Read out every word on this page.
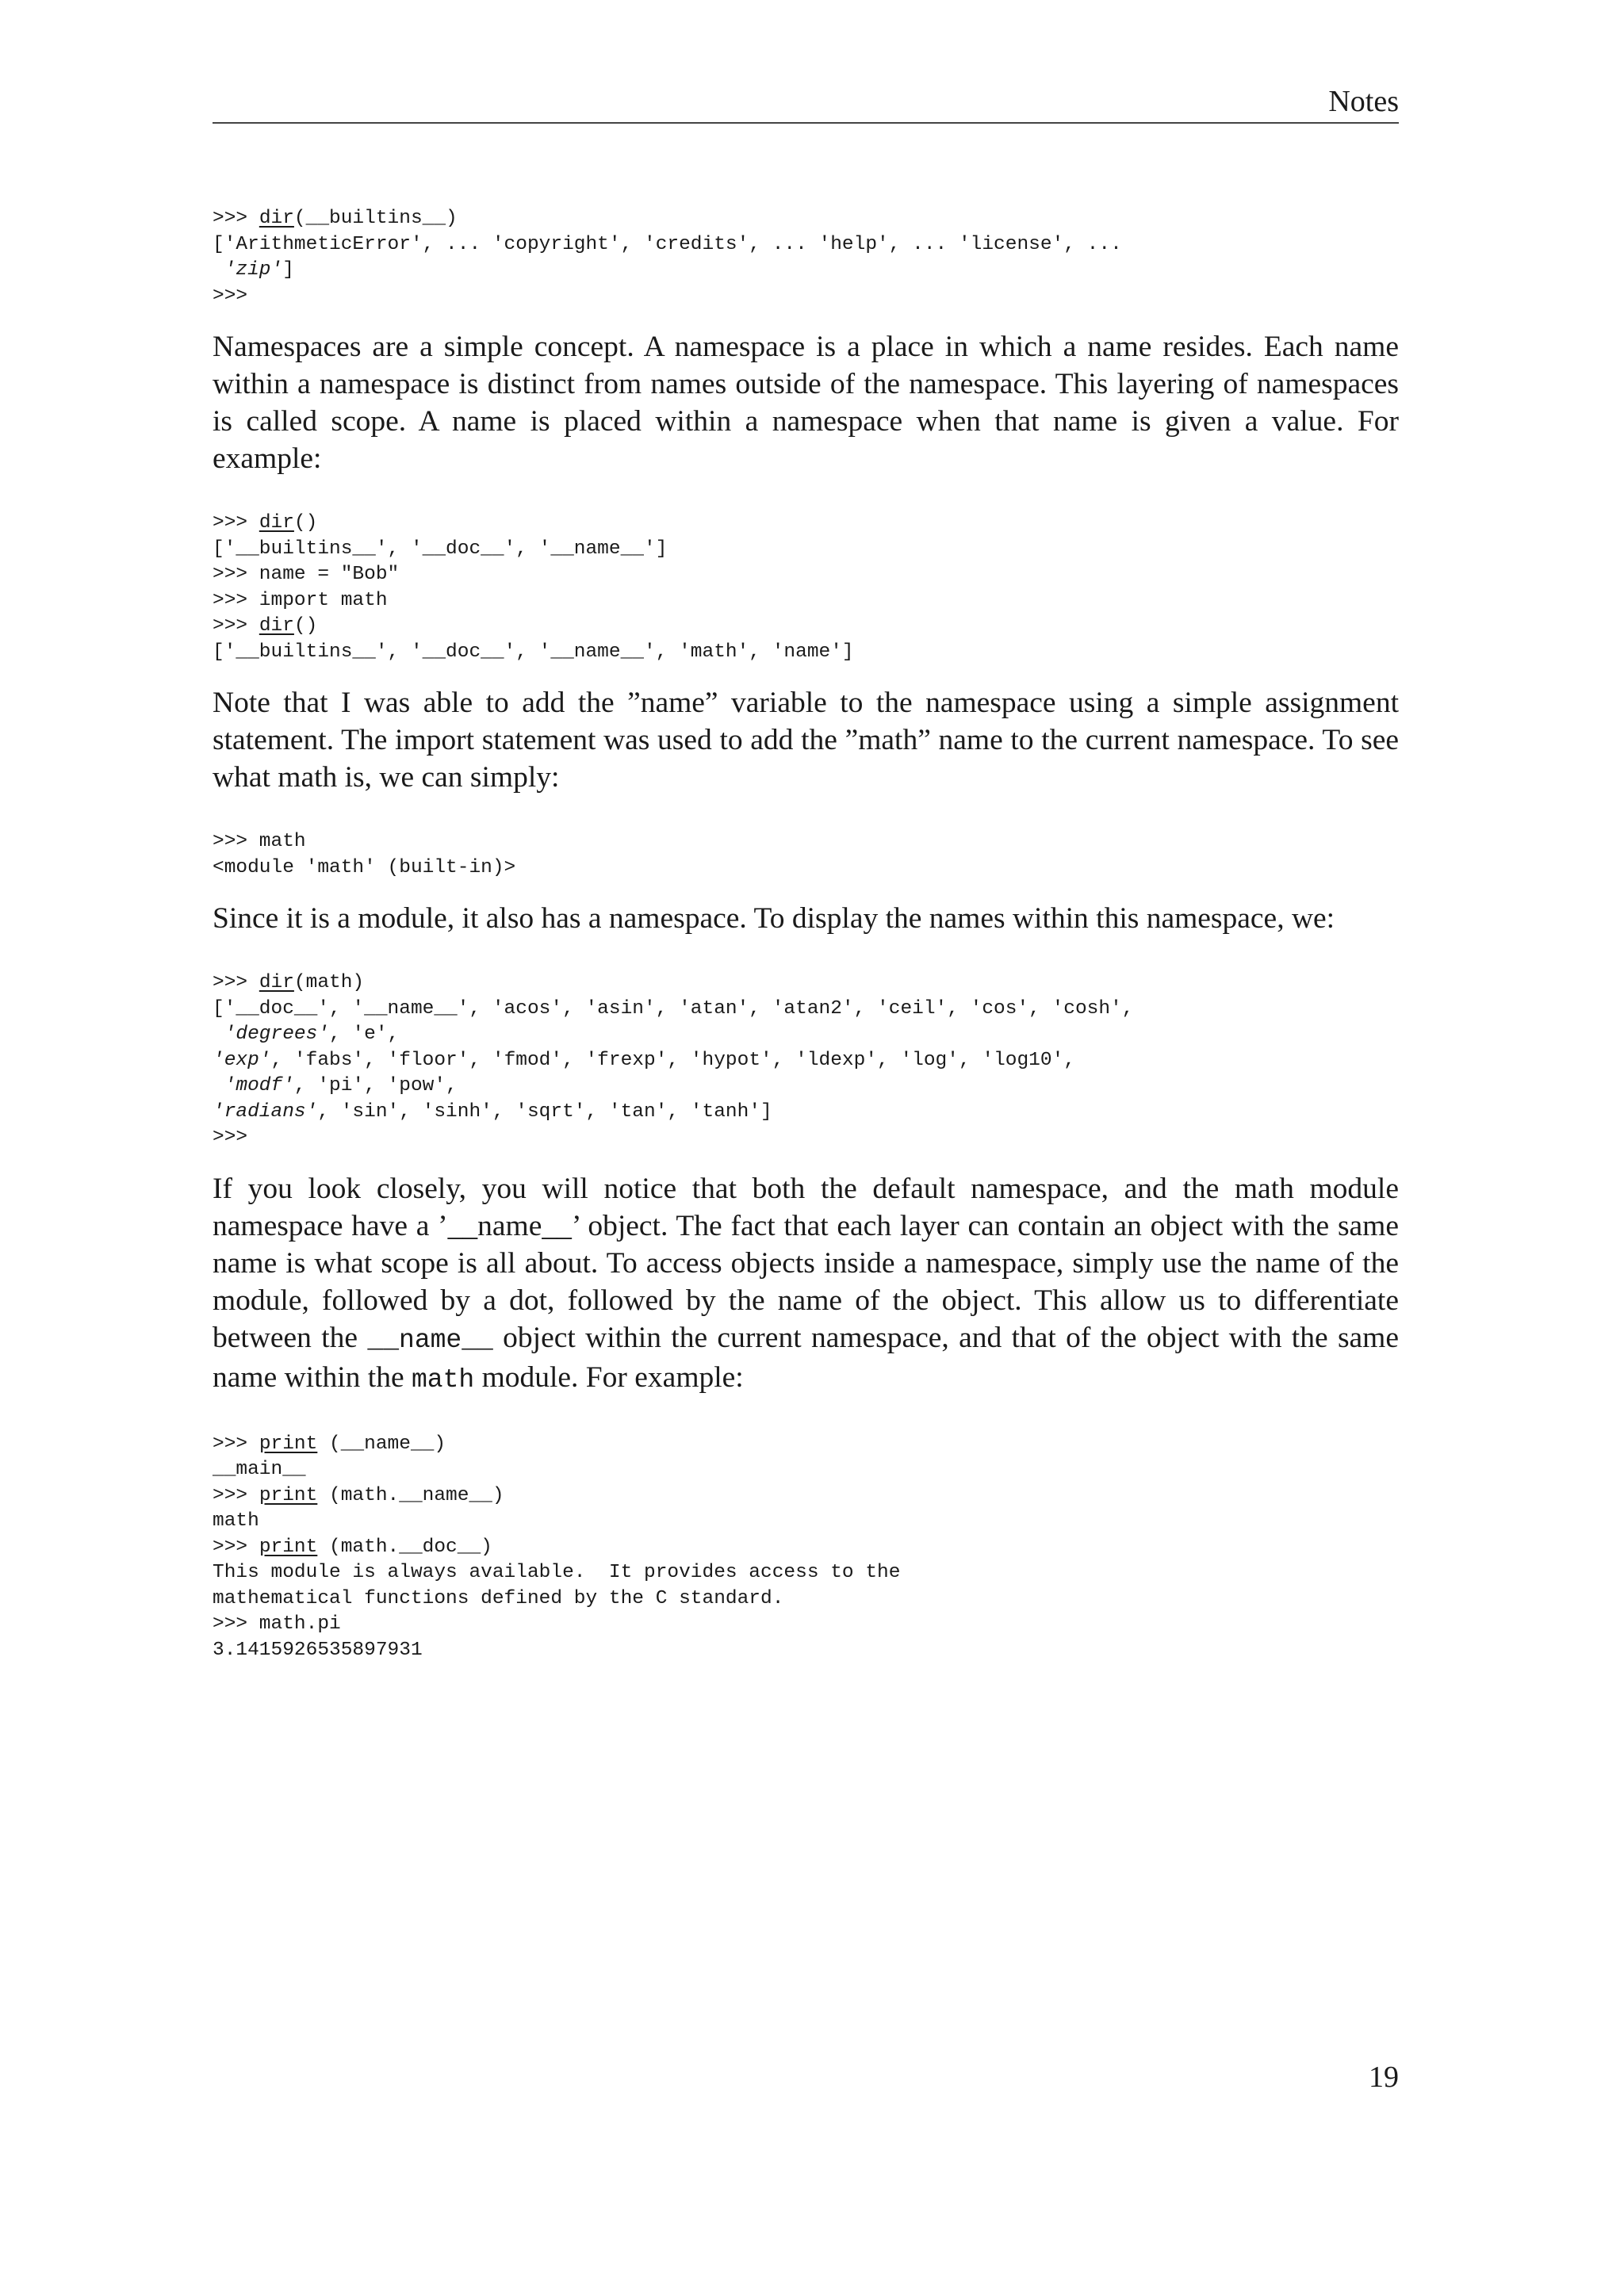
Notes
>>> dir(__builtins__)
['ArithmeticError', ... 'copyright', 'credits', ... 'help', ... 'license', ...
'zip']
>>>

Namespaces are a simple concept. A namespace is a place in which a name resides. Each name within a namespace is distinct from names outside of the namespace. This layering of namespaces is called scope. A name is placed within a namespace when that name is given a value. For example:

>>> dir()
['__builtins__', '__doc__', '__name__']
>>> name = "Bob"
>>> import math
>>> dir()
['__builtins__', '__doc__', '__name__', 'math', 'name']

Note that I was able to add the ”name” variable to the namespace using a simple assignment statement. The import statement was used to add the ”math” name to the current namespace. To see what math is, we can simply:

>>> math
<module 'math' (built-in)>

Since it is a module, it also has a namespace. To display the names within this namespace, we:

>>> dir(math)
['__doc__', '__name__', 'acos', 'asin', 'atan', 'atan2', 'ceil', 'cos', 'cosh',
'degrees', 'e',
'exp', 'fabs', 'floor', 'fmod', 'frexp', 'hypot', 'ldexp', 'log', 'log10',
'modf', 'pi', 'pow',
'radians', 'sin', 'sinh', 'sqrt', 'tan', 'tanh']
>>>

If you look closely, you will notice that both the default namespace, and the math module namespace have a ’__name__’ object. The fact that each layer can contain an object with the same name is what scope is all about. To access objects inside a namespace, simply use the name of the module, followed by a dot, followed by the name of the object. This allow us to differentiate between the __name__ object within the current namespace, and that of the object with the same name within the math module. For example:

>>> print (__name__)
__main__
>>> print (math.__name__)
math
>>> print (math.__doc__)
This module is always available.  It provides access to the
mathematical functions defined by the C standard.
>>> math.pi
3.1415926535897931
19
